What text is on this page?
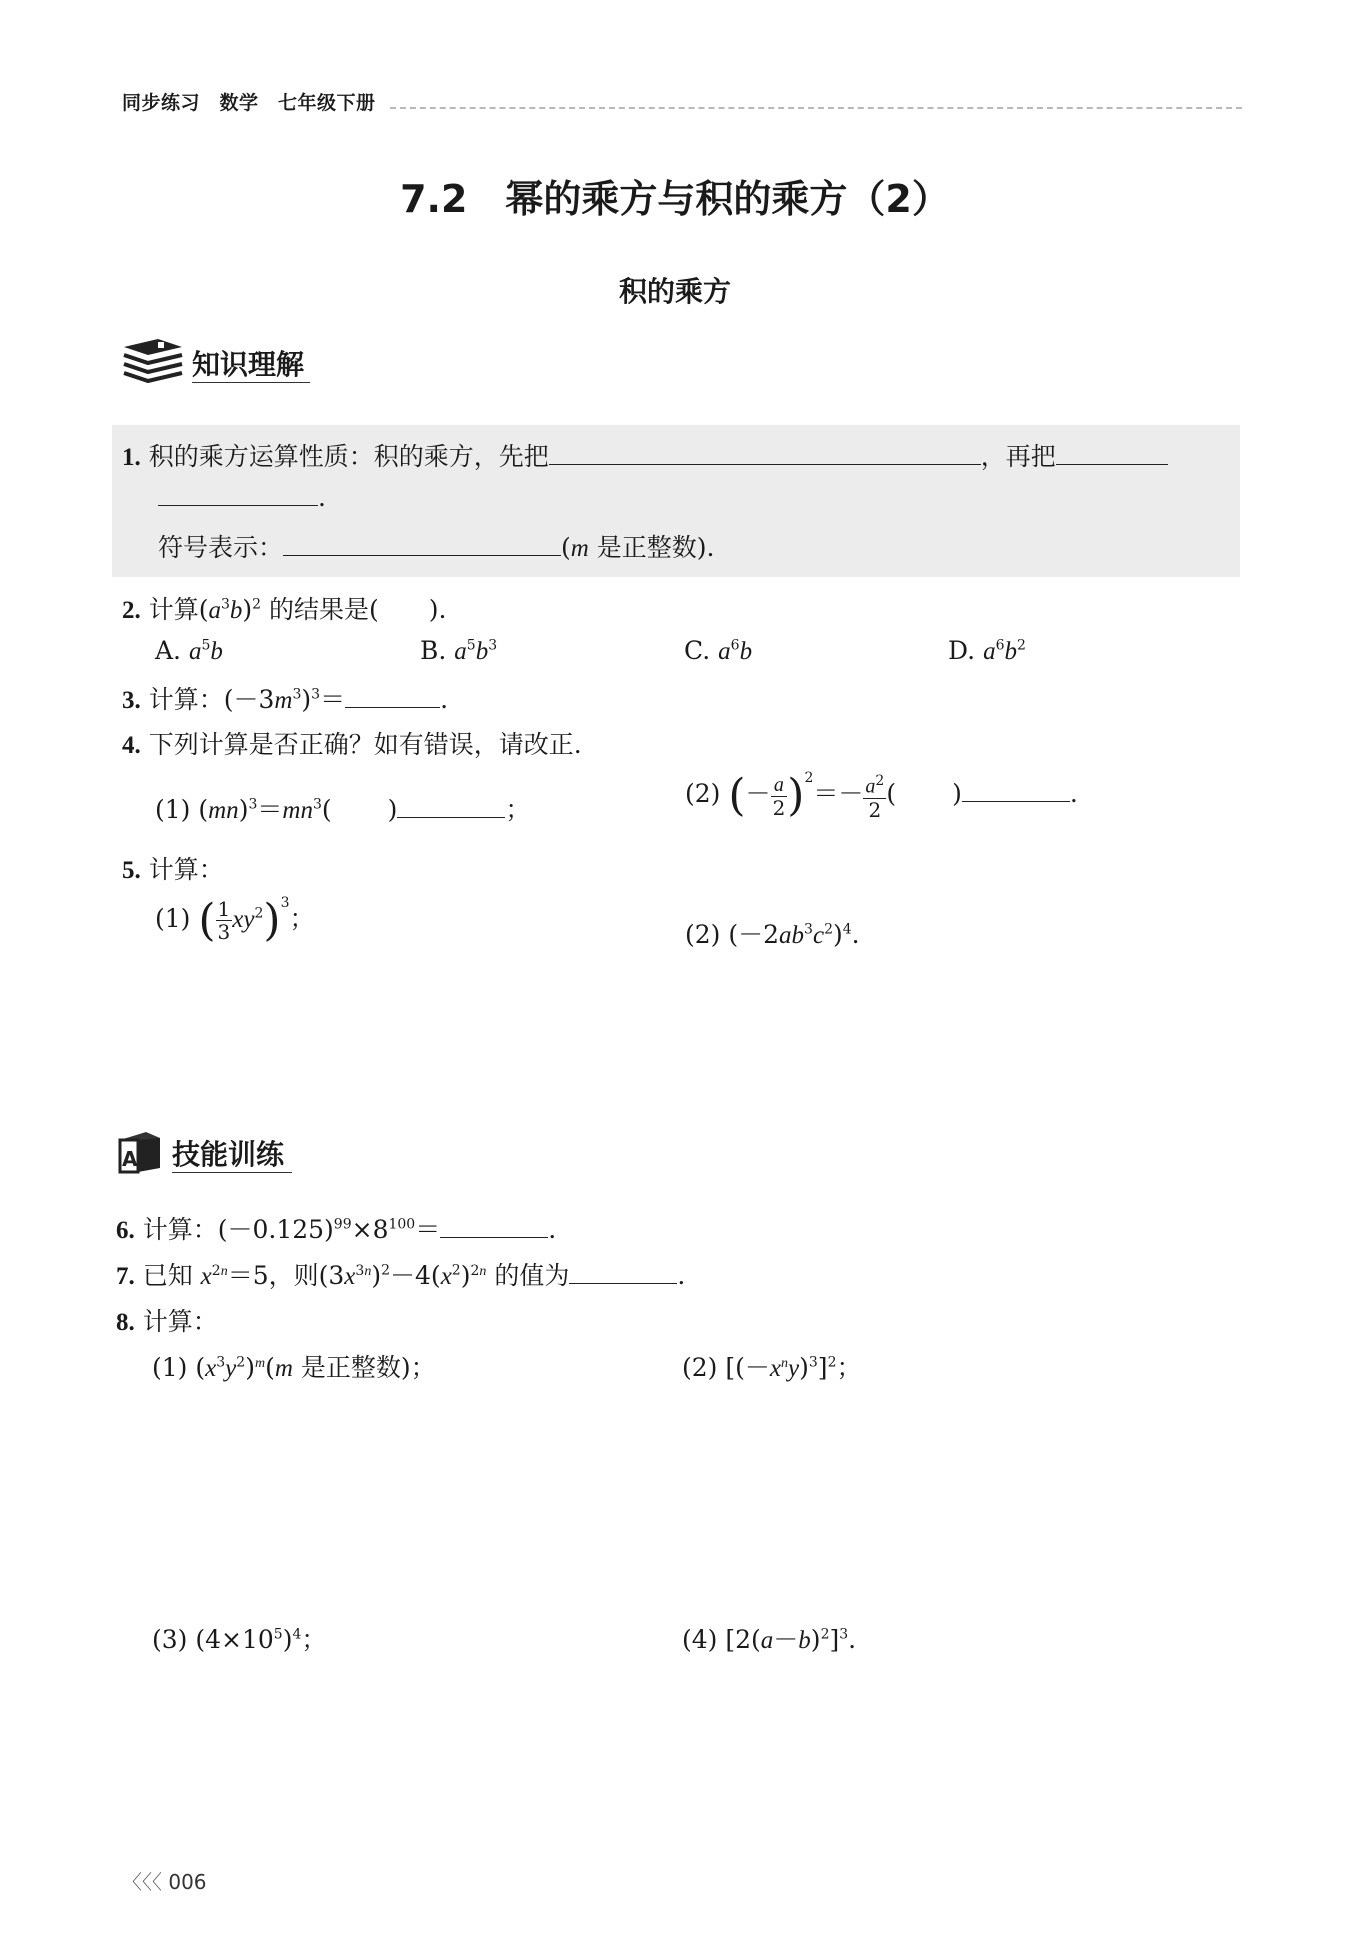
同步练习　数学　七年级下册
7.2　幂的乘方与积的乘方（2）
积的乘方
知识理解
1. 积的乘方运算性质：积的乘方，先把	，再把
.
符号表示：	(m 是正整数).
2. 计算$(a^3b)^2$ 的结果是(　　).
A. $a^5b$	B. $a^5b^3$	C. $a^6b$	D. $a^6b^2$
3. 计算：$(-3m^3)^3=$	.
4. 下列计算是否正确？如有错误，请改正.
(1) $(mn)^3=mn^3$( )	；
(2) (－ $\frac{a}{2} )^2=- \frac{a^2}{2}$ ( )	.
5. 计算：
(1) ( $\frac{1}{3} xy^2)^3$；
(2) $(-2ab^3c^2)^4$.
A 技能训练
6. 计算：$(-0.125)^{99}\times 8^{100}=$	.
7. 已知 $x^{2n}=5$，则$(3x^{3n})^2-4(x^2)^{2n}$ 的值为	.
8. 计算：
(1) $(x^3y^2)^m(m$ 是正整数)；	(2) $[(-x^ny)^3]^2$；
(3) $(4\times 10^5)^4$；	(4) $[2(a-b)^2]^3$.
〈〈〈 006
